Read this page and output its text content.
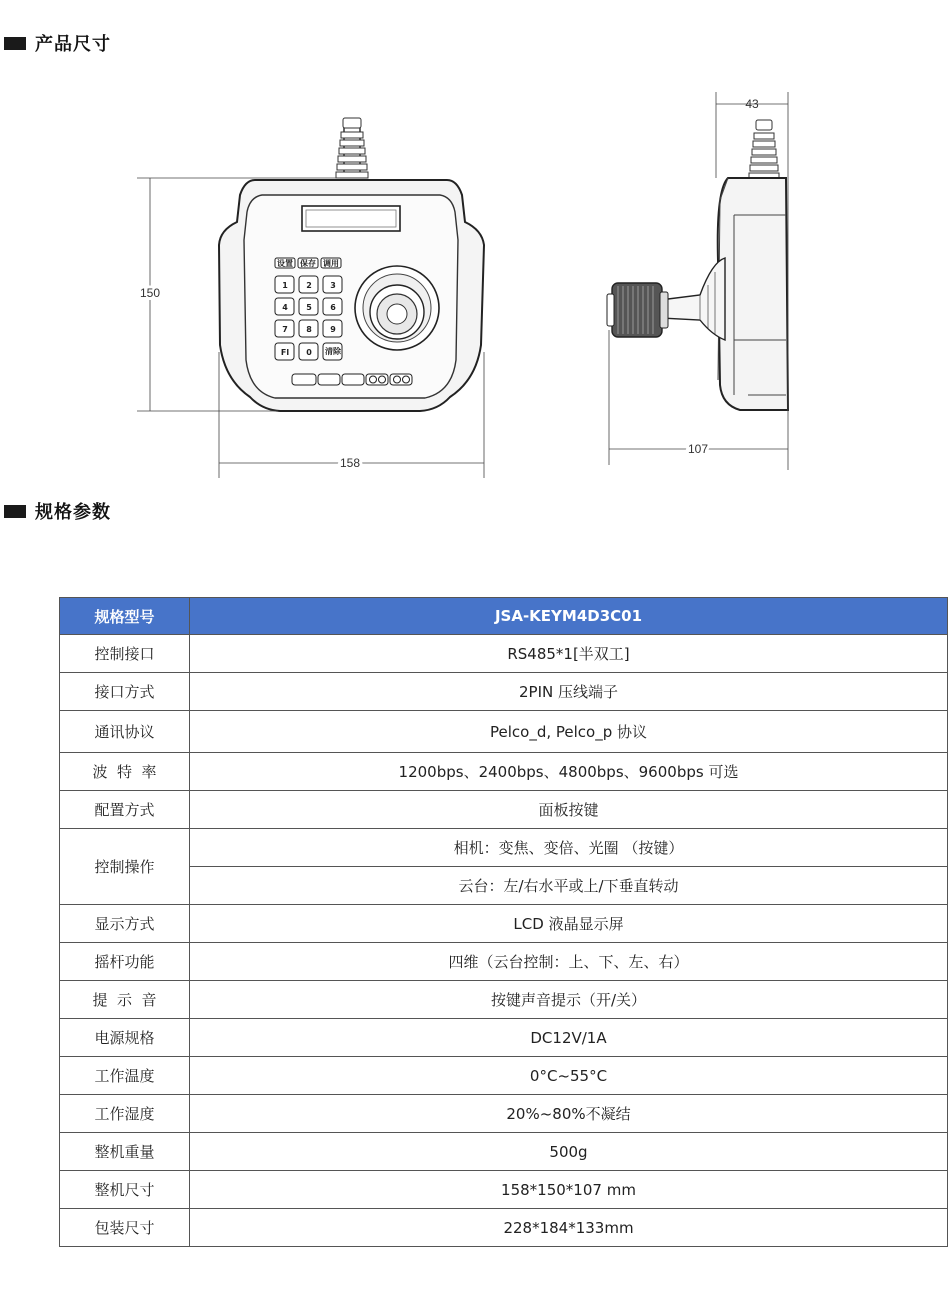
产品尺寸
设置 保存 调用
1 2 3
4 5 6
7 8 9
Fl 0 清除
150
158
43
107
规格参数
规格型号	JSA-KEYM4D3C01
控制接口	RS485*1[半双工]
接口方式	2PIN 压线端子
通讯协议	Pelco_d, Pelco_p 协议
波  特  率	1200bps、2400bps、4800bps、9600bps 可选
配置方式	面板按键
控制操作	相机：变焦、变倍、光圈 （按键）
	云台：左/右水平或上/下垂直转动
显示方式	LCD 液晶显示屏
摇杆功能	四维（云台控制：上、下、左、右）
提  示  音	按键声音提示（开/关）
电源规格	DC12V/1A
工作温度	0°C~55°C
工作湿度	20%~80%不凝结
整机重量	500g
整机尺寸	158*150*107 mm
包装尺寸	228*184*133mm
